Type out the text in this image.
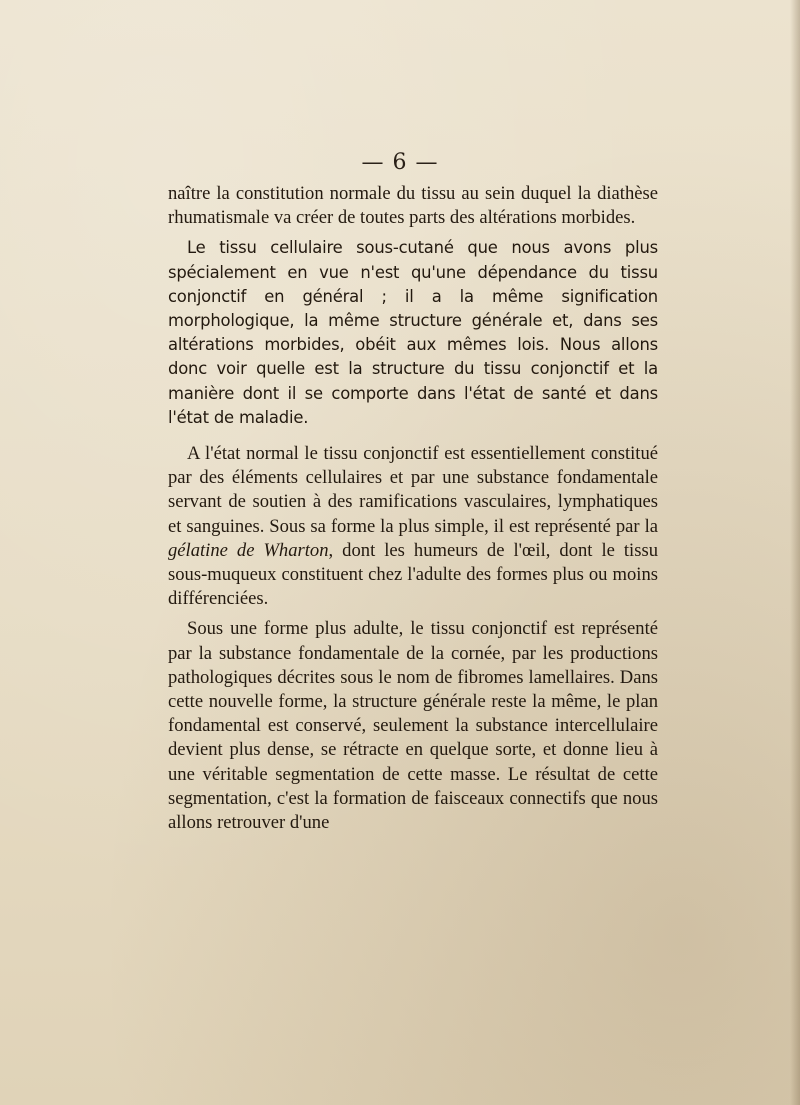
— 6 —

naître la constitution normale du tissu au sein duquel la diathèse rhumatismale va créer de toutes parts des altérations morbides.

Le tissu cellulaire sous-cutané que nous avons plus spécialement en vue n'est qu'une dépendance du tissu conjonctif en général ; il a la même signification morphologique, la même structure générale et, dans ses altérations morbides, obéit aux mêmes lois. Nous allons donc voir quelle est la structure du tissu conjonctif et la manière dont il se comporte dans l'état de santé et dans l'état de maladie.

A l'état normal le tissu conjonctif est essentiellement constitué par des éléments cellulaires et par une substance fondamentale servant de soutien à des ramifications vasculaires, lymphatiques et sanguines. Sous sa forme la plus simple, il est représenté par la gélatine de Wharton, dont les humeurs de l'œil, dont le tissu sous-muqueux constituent chez l'adulte des formes plus ou moins différenciées.

Sous une forme plus adulte, le tissu conjonctif est représenté par la substance fondamentale de la cornée, par les productions pathologiques décrites sous le nom de fibromes lamellaires. Dans cette nouvelle forme, la structure générale reste la même, le plan fondamental est conservé, seulement la substance intercellulaire devient plus dense, se rétracte en quelque sorte, et donne lieu à une véritable segmentation de cette masse. Le résultat de cette segmentation, c'est la formation de faisceaux connectifs que nous allons retrouver d'une
